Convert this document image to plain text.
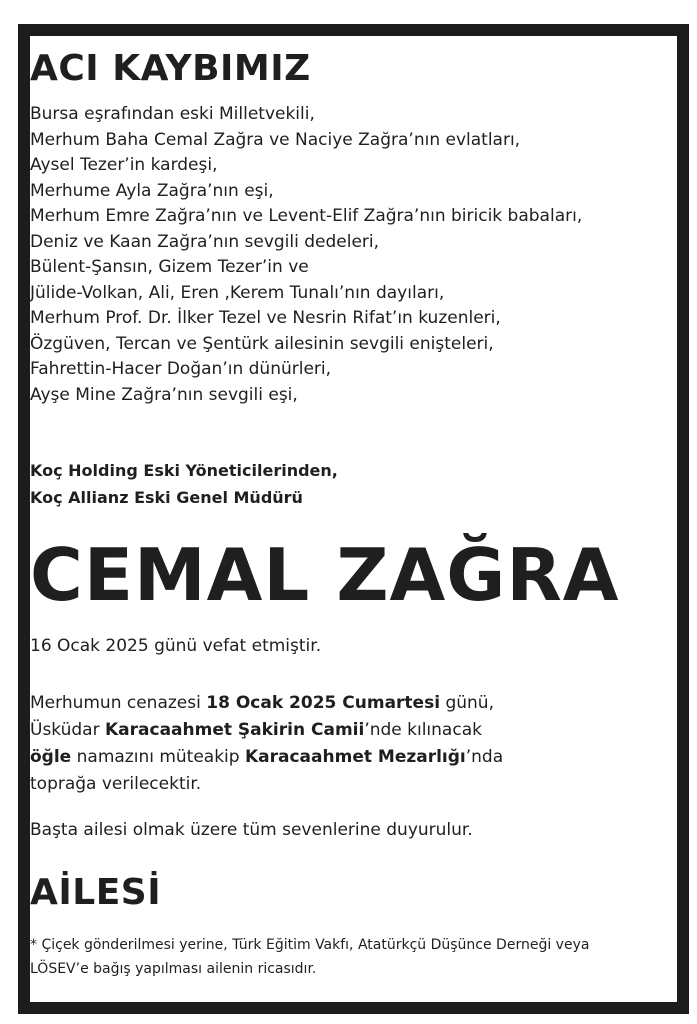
ACI KAYBIMIZ
Bursa eşrafından eski Milletvekili,
Merhum Baha Cemal Zağra ve Naciye Zağra’nın evlatları,
Aysel Tezer’in kardeşi,
Merhume Ayla Zağra’nın eşi,
Merhum Emre Zağra’nın ve Levent-Elif Zağra’nın biricik babaları,
Deniz ve Kaan Zağra’nın sevgili dedeleri,
Bülent-Şansın, Gizem Tezer’in ve
Jülide-Volkan, Ali, Eren ,Kerem Tunalı’nın dayıları,
Merhum Prof. Dr. İlker Tezel ve Nesrin Rifat’ın kuzenleri,
Özgüven, Tercan ve Şentürk ailesinin sevgili enişteleri,
Fahrettin-Hacer Doğan’ın dünürleri,
Ayşe Mine Zağra’nın sevgili eşi,
Koç Holding Eski Yöneticilerinden,
Koç Allianz Eski Genel Müdürü
CEMAL ZAĞRA
16 Ocak 2025 günü vefat etmiştir.
Merhumun cenazesi 18 Ocak 2025 Cumartesi günü,
Üsküdar Karacaahmet Şakirin Camii’nde kılınacak
öğle namazını müteakip Karacaahmet Mezarlığı’nda
toprağa verilecektir.
Başta ailesi olmak üzere tüm sevenlerine duyurulur.
AİLESİ
* Çiçek gönderilmesi yerine, Türk Eğitim Vakfı, Atatürkçü Düşünce Derneği veya
LÖSEV’e bağış yapılması ailenin ricasıdır.
